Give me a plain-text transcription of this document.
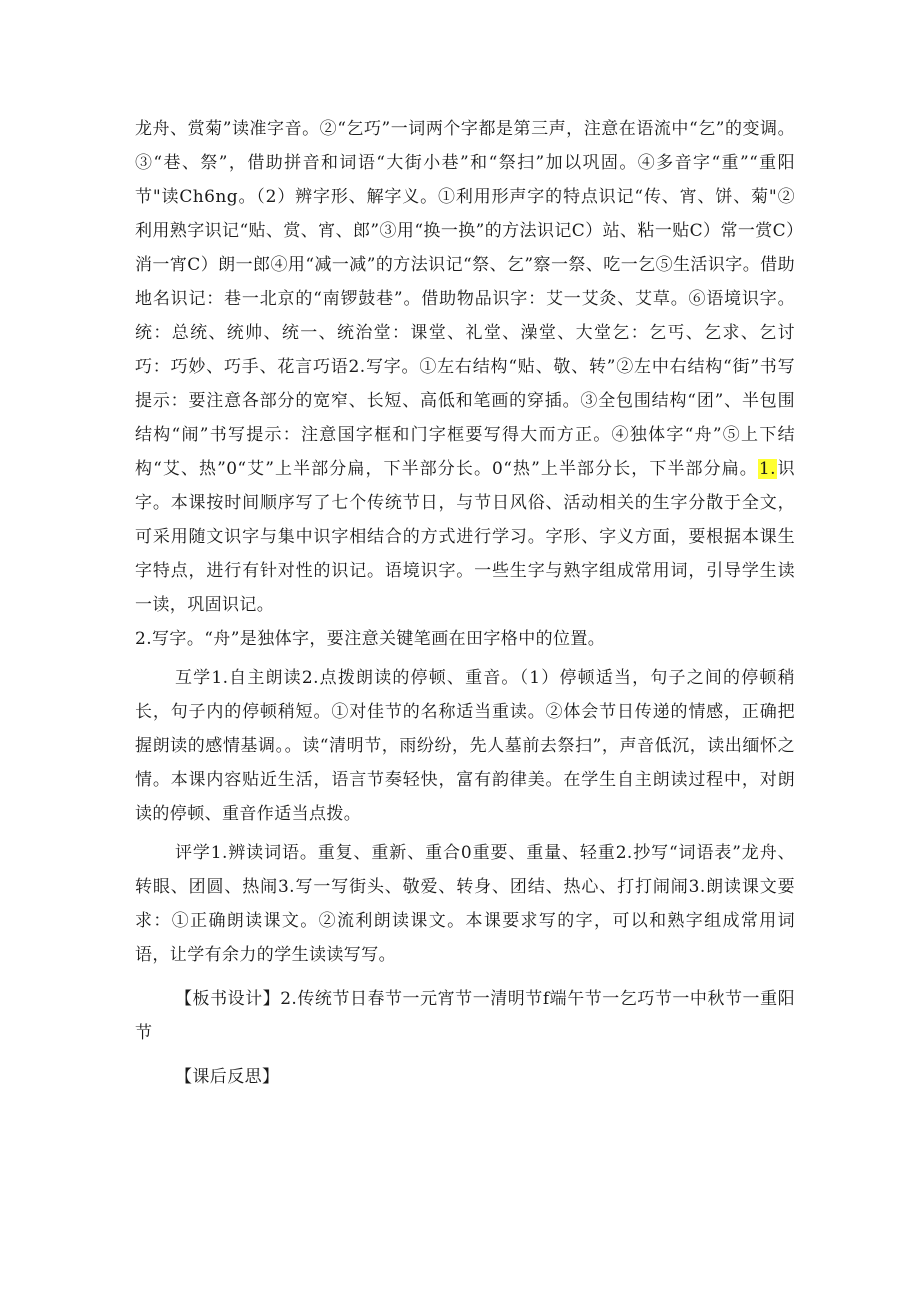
龙舟、赏菊”读准字音。②“乞巧”一词两个字都是第三声，注意在语流中“乞”的变调。③“巷、祭”，借助拼音和词语“大街小巷”和“祭扫”加以巩固。④多音字“重”“重阳节"读Ch6ng。（2）辨字形、解字义。①利用形声字的特点识记“传、宵、饼、菊"②利用熟字识记“贴、赏、宵、郎”③用“换一换”的方法识记C）站、粘一贴C）常一赏C）消一宵C）朗一郎④用“减一减”的方法识记“祭、乞”察一祭、吃一乞⑤生活识字。借助地名识记：巷一北京的“南锣鼓巷”。借助物品识字：艾一艾灸、艾草。⑥语境识字。统：总统、统帅、统一、统治堂：课堂、礼堂、澡堂、大堂乞：乞丐、乞求、乞讨巧：巧妙、巧手、花言巧语2.写字。①左右结构“贴、敬、转”②左中右结构“街”书写提示：要注意各部分的宽窄、长短、高低和笔画的穿插。③全包围结构“团”、半包围结构“闹”书写提示：注意国字框和门字框要写得大而方正。④独体字“舟”⑤上下结构“艾、热”0“艾”上半部分扁，下半部分长。0“热”上半部分长，下半部分扁。1.识字。本课按时间顺序写了七个传统节日，与节日风俗、活动相关的生字分散于全文，可采用随文识字与集中识字相结合的方式进行学习。字形、字义方面，要根据本课生字特点，进行有针对性的识记。语境识字。一些生字与熟字组成常用词，引导学生读一读，巩固识记。

2.写字。“舟”是独体字，要注意关键笔画在田字格中的位置。

互学1.自主朗读2.点拨朗读的停顿、重音。（1）停顿适当，句子之间的停顿稍长，句子内的停顿稍短。①对佳节的名称适当重读。②体会节日传递的情感，正确把握朗读的感情基调。。读“清明节，雨纷纷，先人墓前去祭扫”，声音低沉，读出缅怀之情。本课内容贴近生活，语言节奏轻快，富有韵律美。在学生自主朗读过程中，对朗读的停顿、重音作适当点拨。

评学1.辨读词语。重复、重新、重合0重要、重量、轻重2.抄写“词语表”龙舟、转眼、团圆、热闹3.写一写街头、敬爱、转身、团结、热心、打打闹闹3.朗读课文要求：①正确朗读课文。②流利朗读课文。本课要求写的字，可以和熟字组成常用词语，让学有余力的学生读读写写。

【板书设计】2.传统节日春节一元宵节一清明节f端午节一乞巧节一中秋节一重阳节

【课后反思】
